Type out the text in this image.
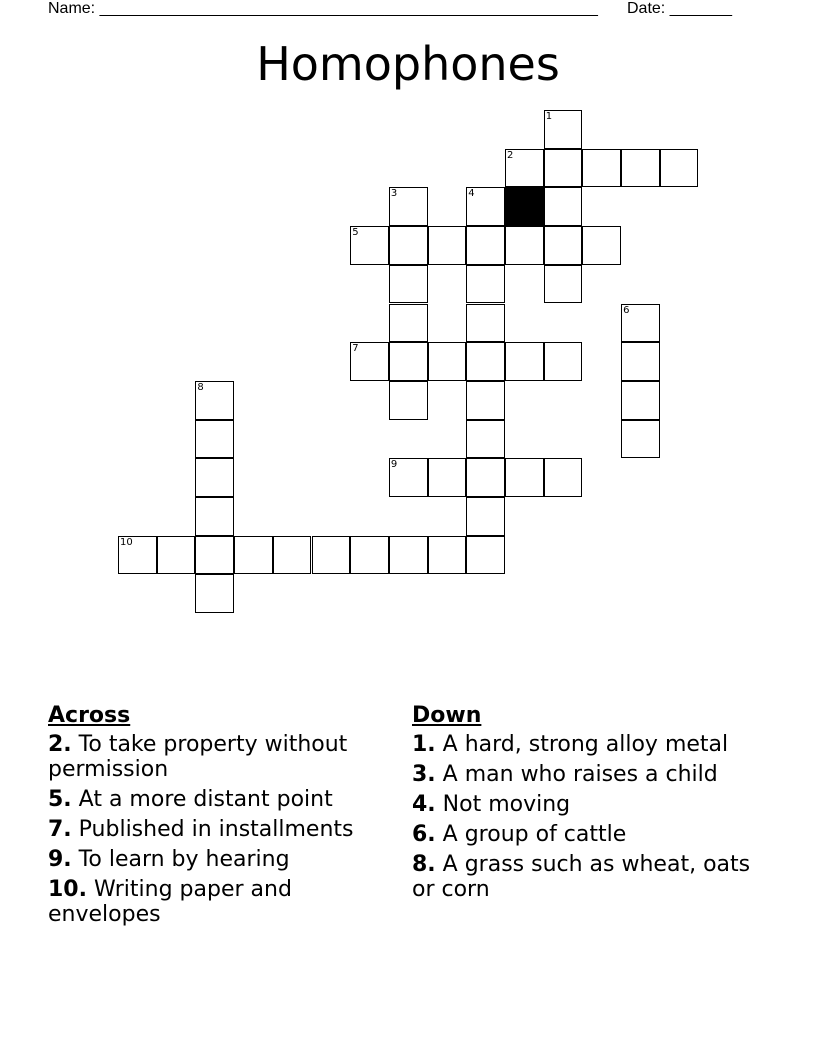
Name: ________________________________________________________ Date: _______
Homophones
1
2
3	4
5
6
7
8
9
10
Across
2. To take property without permission
5. At a more distant point
7. Published in installments
9. To learn by hearing
10. Writing paper and envelopes
Down
1. A hard, strong alloy metal
3. A man who raises a child
4. Not moving
6. A group of cattle
8. A grass such as wheat, oats or corn
